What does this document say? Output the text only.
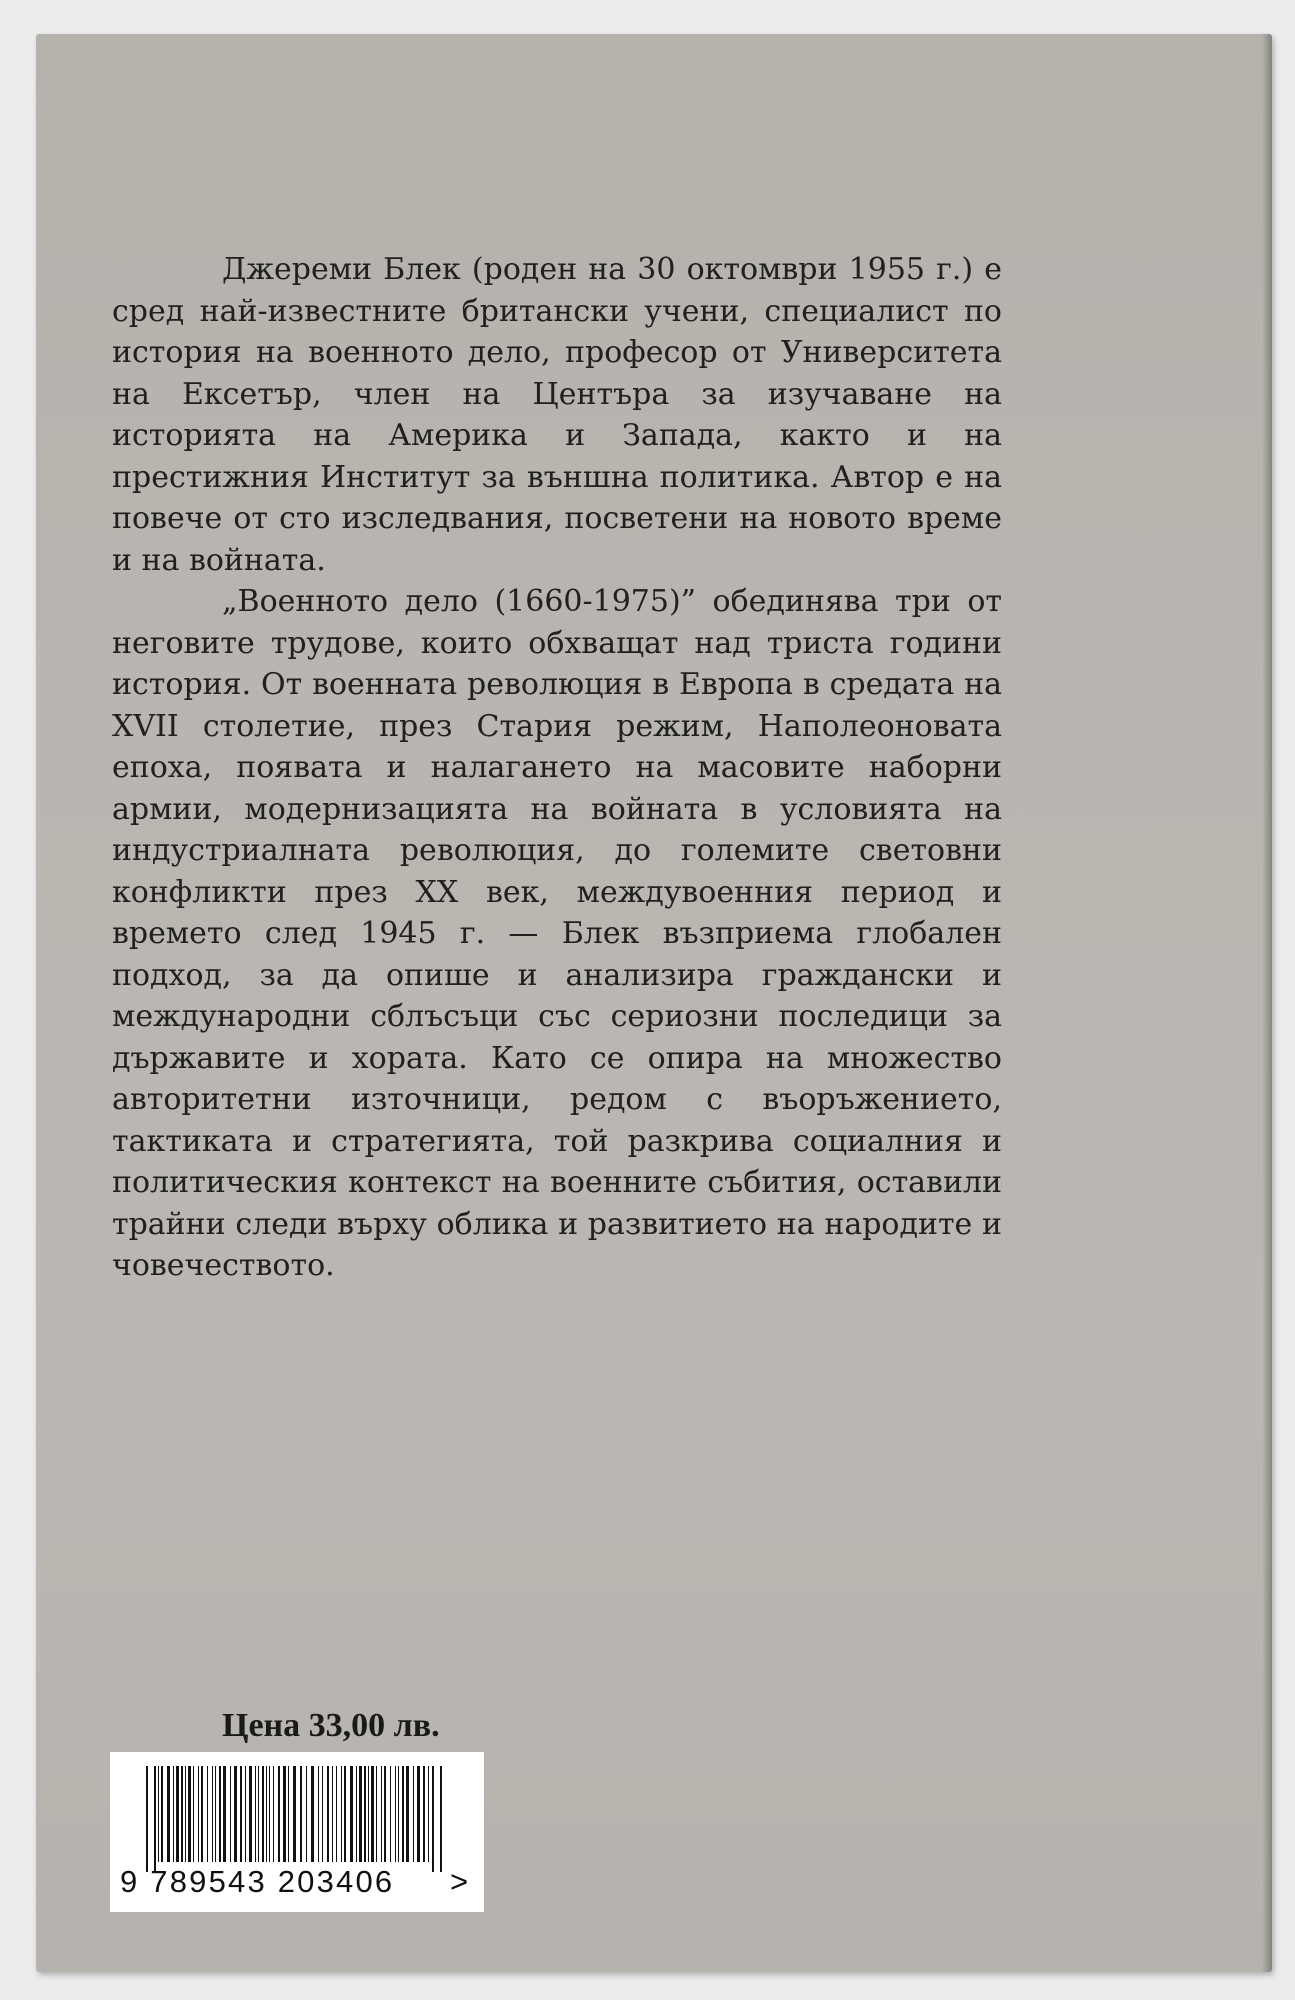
Джереми Блек (роден на 30 октомври 1955 г.) е сред най-известните британски учени, специалист по история на военното дело, професор от Университета на Ексетър, член на Центъра за изучаване на историята на Америка и Запада, както и на престижния Институт за външна политика. Автор е на повече от сто изследвания, посветени на новото време и на войната.

„Военното дело (1660-1975)” обединява три от неговите трудове, които обхващат над триста години история. От военната революция в Европа в средата на XVII столетие, през Стария режим, Наполеоновата епоха, появата и налагането на масовите наборни армии, модернизацията на войната в условията на индустриалната революция, до големите световни конфликти през XX век, междувоенния период и времето след 1945 г. — Блек възприема глобален подход, за да опише и анализира граждански и международни сблъсъци със сериозни последици за държавите и хората. Като се опира на множество авторитетни източници, редом с въоръжението, тактиката и стратегията, той разкрива социалния и политическия контекст на военните събития, оставили трайни следи върху облика и развитието на народите и човечеството.

Цена 33,00 лв.
9 789543 203406	>
